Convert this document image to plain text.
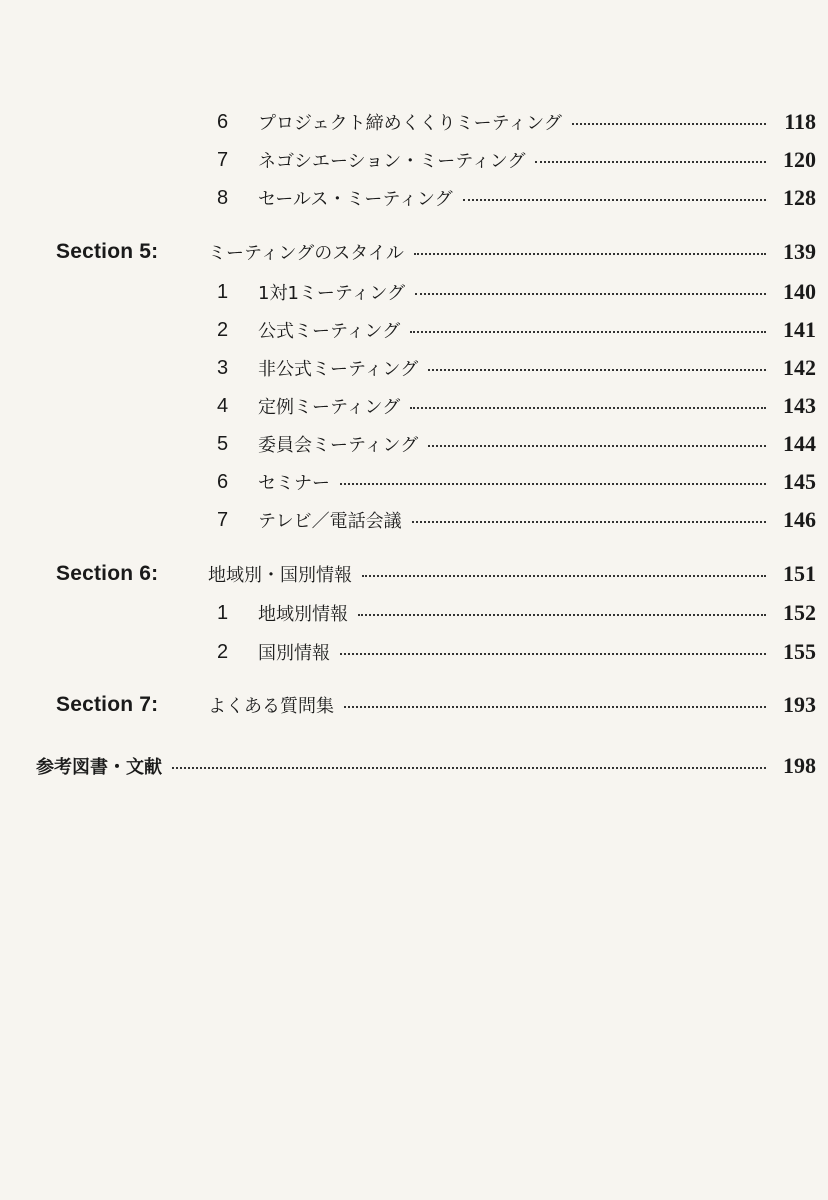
6	プロジェクト締めくくりミーティング	118
7	ネゴシエーション・ミーティング	120
8	セールス・ミーティング	128
Section 5:	ミーティングのスタイル	139
1	1対1ミーティング	140
2	公式ミーティング	141
3	非公式ミーティング	142
4	定例ミーティング	143
5	委員会ミーティング	144
6	セミナー	145
7	テレビ／電話会議	146
Section 6:	地域別・国別情報	151
1	地域別情報	152
2	国別情報	155
Section 7:	よくある質問集	193
参考図書・文献	198
